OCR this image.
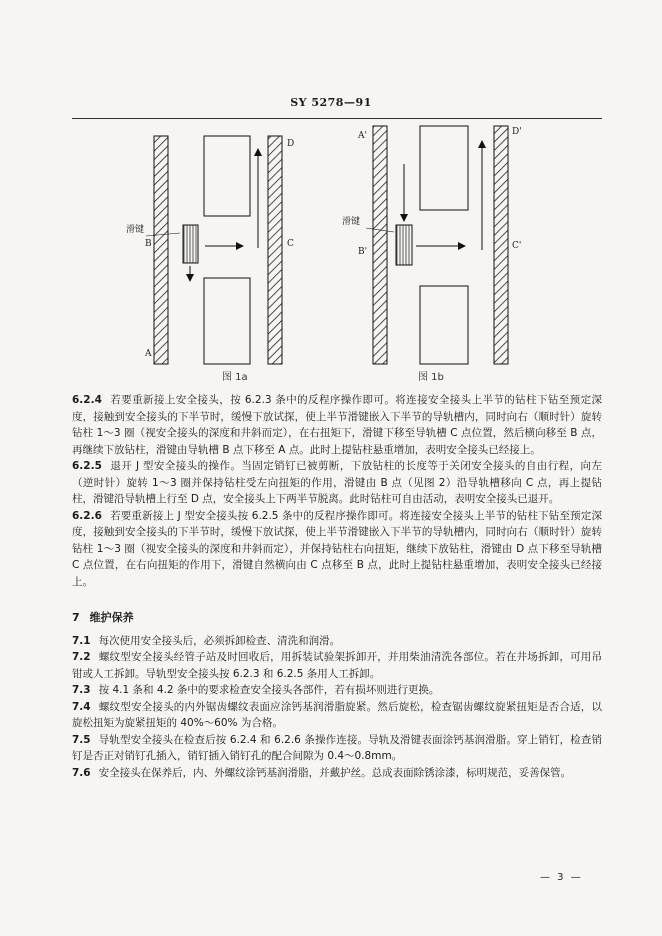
SY 5278—91
滑键
D
B	C
A
图 1a
滑键
A'	D'
B'
C'
图 1b

6.2.4 若要重新接上安全接头，按 6.2.3 条中的反程序操作即可。将连接安全接头上半节的钻柱下钻至预定深度，接触到安全接头的下半节时，缓慢下放试探，使上半节滑键嵌入下半节的导轨槽内，同时向右（顺时针）旋转钻柱 1～3 圈（视安全接头的深度和井斜而定），在右扭矩下，滑键下移至导轨槽 C 点位置，然后横向移至 B 点，再继续下放钻柱，滑键由导轨槽 B 点下移至 A 点。此时上提钻柱悬重增加，表明安全接头已经接上。

6.2.5 退开 J 型安全接头的操作。当固定销钉已被剪断，下放钻柱的长度等于关闭安全接头的自由行程，向左（逆时针）旋转 1～3 圈并保持钻柱受左向扭矩的作用，滑键由 B 点（见图 2）沿导轨槽移向 C 点，再上提钻柱，滑键沿导轨槽上行至 D 点，安全接头上下两半节脱离。此时钻柱可自由活动，表明安全接头已退开。

6.2.6 若要重新接上 J 型安全接头按 6.2.5 条中的反程序操作即可。将连接安全接头上半节的钻柱下钻至预定深度，接触到安全接头的下半节时，缓慢下放试探，使上半节滑键嵌入下半节的导轨槽内，同时向右（顺时针）旋转钻柱 1～3 圈（视安全接头的深度和井斜而定），并保持钻柱右向扭矩，继续下放钻柱，滑键由 D 点下移至导轨槽 C 点位置，在右向扭矩的作用下，滑键自然横向由 C 点移至 B 点，此时上提钻柱悬重增加，表明安全接头已经接上。

7 维护保养

7.1 每次使用安全接头后，必须拆卸检查、清洗和润滑。

7.2 螺纹型安全接头经管子站及时回收后，用拆装试验架拆卸开，并用柴油清洗各部位。若在井场拆卸，可用吊钳或人工拆卸。导轨型安全接头按 6.2.3 和 6.2.5 条用人工拆卸。

7.3 按 4.1 条和 4.2 条中的要求检查安全接头各部件，若有损坏则进行更换。

7.4 螺纹型安全接头的内外锯齿螺纹表面应涂钙基润滑脂旋紧。然后旋松，检查锯齿螺纹旋紧扭矩是否合适，以旋松扭矩为旋紧扭矩的 40%～60% 为合格。

7.5 导轨型安全接头在检查后按 6.2.4 和 6.2.6 条操作连接。导轨及滑键表面涂钙基润滑脂。穿上销钉，检查销钉是否正对销钉孔插入，销钉插入销钉孔的配合间隙为 0.4～0.8mm。

7.6 安全接头在保养后，内、外螺纹涂钙基润滑脂，并戴护丝。总成表面除锈涂漆，标明规范，妥善保管。

— 3 —
